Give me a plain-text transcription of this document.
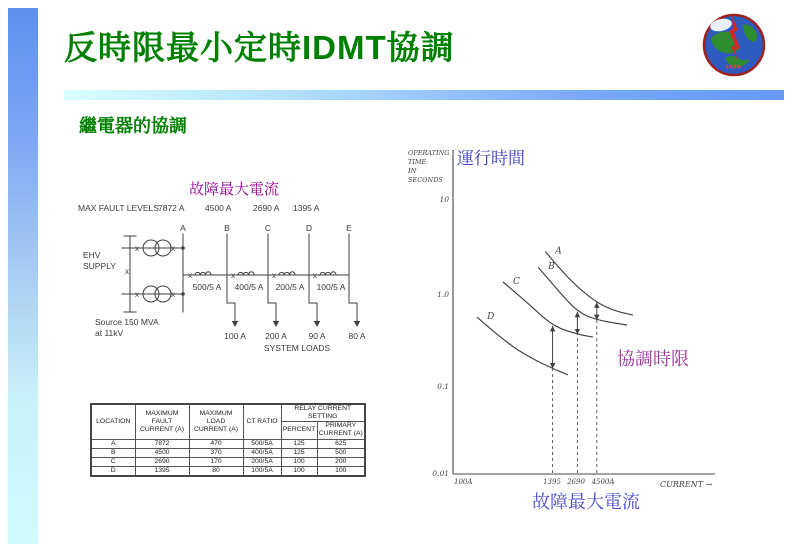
反時限最小定時IDMT協調
繼電器的協調
故障最大電流
MAX FAULT LEVELS 7872 A 4500 A	2690 A 1395 A
A	B	C	D	E
EHV
SUPPLY
x
x	x
x	x
x	x	x	x
500/5 A 400/5 A 200/5 A 100/5 A
Source 150 MVA
at 11kV	100 A 200 A	90 A	80 A
SYSTEM LOADS
LOCATION	MAXIMUM FAULT CURRENT (A)	MAXIMUM LOAD CURRENT (A)	CT RATIO	RELAY CURRENT SETTING	
				PERCENT	PRIMARY CURRENT (A)
A	7872	470	500/5A	125	625
B	4500	370	400/5A	125	500
C	2690	170	200/5A	100	200
D	1395	80	100/5A	100	100
OPERATING
TIME
IN
SECONDS
10
1.0
0.1
0.01
100A	1395 2690 4500A	CURRENT →
A
B
C
D
運行時間
協調時限
故障最大電流
